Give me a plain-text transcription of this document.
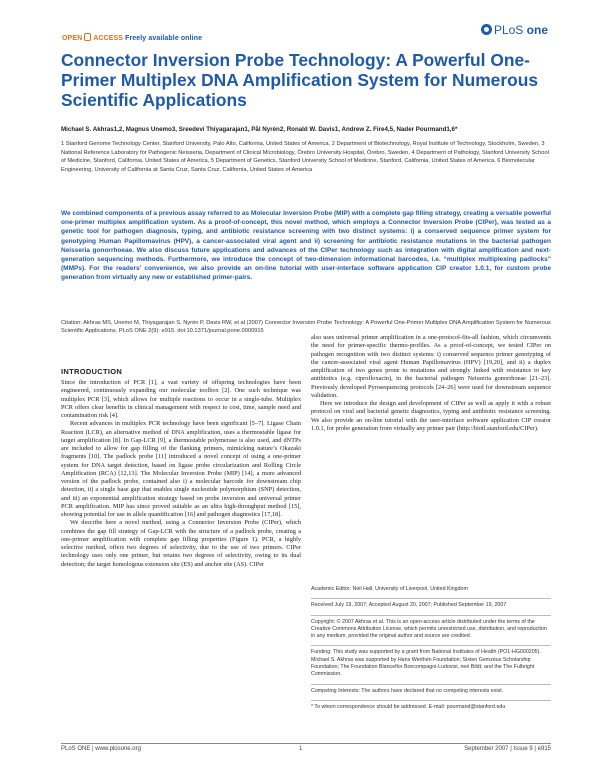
OPEN ACCESS Freely available online
PLoS one
Connector Inversion Probe Technology: A Powerful One-Primer Multiplex DNA Amplification System for Numerous Scientific Applications
Michael S. Akhras1,2, Magnus Unemo3, Sreedevi Thiyagarajan1, Pål Nyrén2, Ronald W. Davis1, Andrew Z. Fire4,5, Nader Pourmand1,6*
1 Stanford Genome Technology Center, Stanford University, Palo Alto, California, United States of America, 2 Department of Biotechnology, Royal Institute of Technology, Stockholm, Sweden, 3 National Reference Laboratory for Pathogenic Neisseria, Department of Clinical Microbiology, Örebro University Hospital, Örebro, Sweden, 4 Department of Pathology, Stanford University School of Medicine, Stanford, California, United States of America, 5 Department of Genetics, Stanford University School of Medicine, Stanford, California, United States of America, 6 Biomolecular Engineering, University of California at Santa Cruz, Santa Cruz, California, United States of America
We combined components of a previous assay referred to as Molecular Inversion Probe (MIP) with a complete gap filling strategy, creating a versatile powerful one-primer multiplex amplification system. As a proof-of-concept, this novel method, which employs a Connector Inversion Probe (CIPer), was tested as a genetic tool for pathogen diagnosis, typing, and antibiotic resistance screening with two distinct systems: i) a conserved sequence primer system for genotyping Human Papillomavirus (HPV), a cancer-associated viral agent and ii) screening for antibiotic resistance mutations in the bacterial pathogen Neisseria gonorrhoeae. We also discuss future applications and advances of the CIPer technology such as integration with digital amplification and next-generation sequencing methods. Furthermore, we introduce the concept of two-dimension informational barcodes, i.e. “multiplex multiplexing padlocks” (MMPs). For the readers’ convenience, we also provide an on-line tutorial with user-interface software application CIP creator 1.0.1, for custom probe generation from virtually any new or established primer-pairs.
Citation: Akhras MS, Unemo M, Thiyagarajan S, Nyrén P, Davis RW, et al (2007) Connector Inversion Probe Technology: A Powerful One-Primer Multiplex DNA Amplification System for Numerous Scientific Applications. PLoS ONE 2(9): e915. doi:10.1371/journal.pone.0000915
INTRODUCTION

Since the introduction of PCR [1], a vast variety of offspring technologies have been engineered, continuously expanding our molecular toolbox [2]. One such technique was multiplex PCR [3], which allows for multiple reactions to occur in a single-tube. Multiplex PCR offers clear benefits in clinical management with respect to cost, time, sample need and contamination risk [4].

Recent advances in multiplex PCR technology have been significant [5–7]. Ligase Chain Reaction (LCR), an alternative method of DNA amplification, uses a thermostable ligase for target amplification [8]. In Gap-LCR [9], a thermostable polymerase is also used, and dNTPs are included to allow for gap filling of the flanking primers, mimicking nature’s Okazaki fragments [10]. The padlock probe [11] introduced a novel concept of using a one-primer system for DNA target detection, based on ligase probe circularization and Rolling Circle Amplification (RCA) [12,13]. The Molecular Inversion Probe (MIP) [14], a more advanced version of the padlock probe, contained also i) a molecular barcode for downstream chip detection, ii) a single base gap that enables single nucleotide polymorphism (SNP) detection, and iii) an exponential amplification strategy based on probe inversion and universal primer PCR amplification. MIP has since proved suitable as an ultra high-throughput method [15], showing potential for use in allele quantification [16] and pathogen diagnostics [17,18].

We describe here a novel method, using a Connector Inversion Probe (CIPer), which combines the gap fill strategy of Gap-LCR with the structure of a padlock probe, creating a one-primer amplification with complete gap filling properties (Figure 1). PCR, a highly selective method, offers two degrees of selectivity, due to the use of two primers. CIPer technology uses only one primer, but retains two degrees of selectivity, owing to its dual detection; the target homologous extension site (ES) and anchor site (AS). CIPer

also uses universal primer amplification in a one-protocol-fits-all fashion, which circumvents the need for primer-specific thermo-profiles. As a proof-of-concept, we tested CIPer on pathogen recognition with two distinct systems: i) conserved sequence primer genotyping of the cancer-associated viral agent Human Papillomavirus (HPV) [19,20], and ii) a duplex amplification of two genes prone to mutations and strongly linked with resistance to key antibiotics (e.g. ciprofloxacin), in the bacterial pathogen Neisseria gonorrhoeae [21–23]. Previously developed Pyrosequencing protocols [24–26] were used for downstream sequence validation.

Here we introduce the design and development of CIPer as well as apply it with a robust protocol on viral and bacterial genetic diagnostics, typing and antibiotic resistance screening. We also provide an on-line tutorial with the user-interface software application CIP creator 1.0.1, for probe generation from virtually any primer pair (http://biotl.stanford.edu/CIPer).

Academic Editor: Neil Hall, University of Liverpool, United Kingdom
Received July 19, 2007; Accepted August 20, 2007; Published September 19, 2007
Copyright: © 2007 Akhras et al. This is an open-access article distributed under the terms of the Creative Commons Attribution License, which permits unrestricted use, distribution, and reproduction in any medium, provided the original author and source are credited.
Funding: This study was supported by a grant from National Institutes of Health (PO1-HG000205). Michael S. Akhras was supported by Hans Werthén Foundation; Sixten Gemzéus Scholarship Foundation; The Foundation Blanceflor Boncompagni-Ludovisi, neé Bildt; and the The Fulbright Commission.
Competing Interests: The authors have declared that no competing interests exist.
* To whom correspondence should be addressed. E-mail: pourmand@stanford.edu
PLoS ONE | www.plosone.org	1	September 2007 | Issue 9 | e915
